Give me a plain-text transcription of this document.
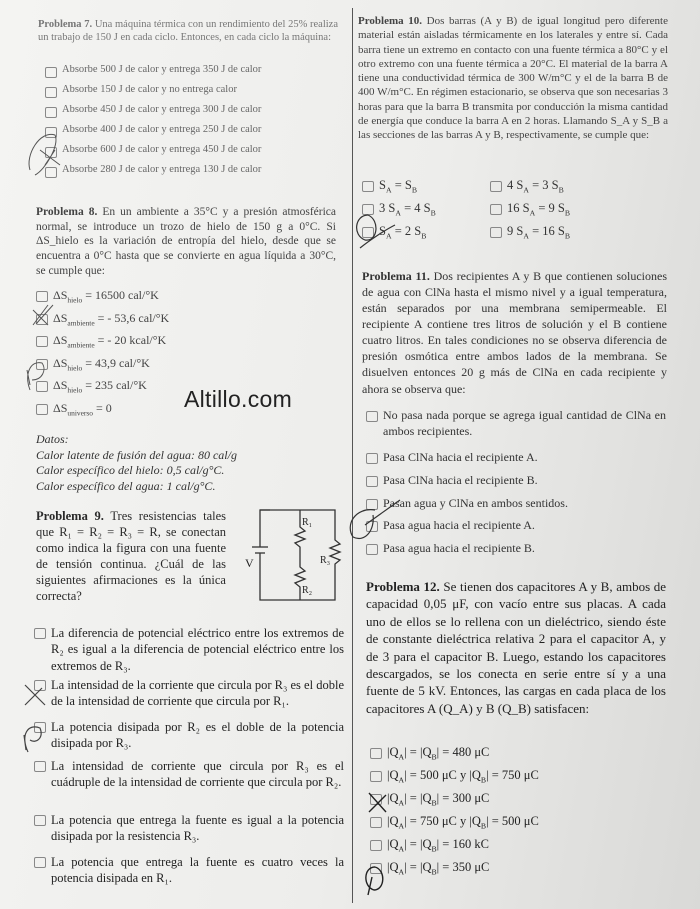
Problema 7. Una máquina térmica con un rendimiento del 25% realiza un trabajo de 150 J en cada ciclo. Entonces, en cada ciclo la máquina:
Absorbe 500 J de calor y entrega 350 J de calor
Absorbe 150 J de calor y no entrega calor
Absorbe 450 J de calor y entrega 300 J de calor
Absorbe 400 J de calor y entrega 250 J de calor
Absorbe 600 J de calor y entrega 450 J de calor
Absorbe 280 J de calor y entrega 130 J de calor
Problema 8. En un ambiente a 35°C y a presión atmosférica normal, se introduce un trozo de hielo de 150 g a 0°C. Si ΔS_hielo es la variación de entropía del hielo, desde que se encuentra a 0°C hasta que se convierte en agua líquida a 30°C, se cumple que:
$\Delta S_{hielo} = 16500$ cal/°K
$\Delta S_{ambiente}$ = - 53,6 cal/°K
$\Delta S_{ambiente}$ = - 20 kcal/°K
$\Delta S_{hielo} = 43,9$ cal/°K
$\Delta S_{hielo} = 235$ cal/°K
$\Delta S_{universo} = 0$	Altillo.com
Datos:
Calor latente de fusión del agua: 80 cal/g
Calor específico del hielo: 0,5 cal/g°C.
Calor específico del agua: 1 cal/g°C.
Problema 9. Tres resistencias tales que R₁ = R₂ = R₃ = R, se conectan como indica la figura con una fuente de tensión continua. ¿Cuál de las siguientes afirmaciones es la única correcta?
R₁
R₃
R₂
V
La diferencia de potencial eléctrico entre los extremos de R₂ es igual a la diferencia de potencial eléctrico entre los extremos de R₃.
La intensidad de la corriente que circula por R₃ es el doble de la intensidad de corriente que circula por R₁.
La potencia disipada por R₂ es el doble de la potencia disipada por R₃.
La intensidad de corriente que circula por R₃ es el cuádruple de la intensidad de corriente que circula por R₂.
La potencia que entrega la fuente es igual a la potencia disipada por la resistencia R₃.
La potencia que entrega la fuente es cuatro veces la potencia disipada en R₁.
Problema 10. Dos barras (A y B) de igual longitud pero diferente material están aisladas térmicamente en los laterales y entre sí. Cada barra tiene un extremo en contacto con una fuente térmica a 80°C y el otro extremo con una fuente térmica a 20°C. El material de la barra A tiene una conductividad térmica de 300 W/m°C y el de la barra B de 400 W/m°C. En régimen estacionario, se observa que son necesarias 3 horas para que la barra B transmita por conducción la misma cantidad de energía que conduce la barra A en 2 horas. Llamando S_A y S_B a las secciones de las barras A y B, respectivamente, se cumple que:
$S_A = S_B$	4 $S_A = 3$ $S_B$
3 $S_A = 4$ $S_B$	16 $S_A = 9$ $S_B$
$S_A = 2$ $S_B$	9 $S_A = 16$ $S_B$
Problema 11. Dos recipientes A y B que contienen soluciones de agua con ClNa hasta el mismo nivel y a igual temperatura, están separados por una membrana semipermeable. El recipiente A contiene tres litros de solución y el B contiene cuatro litros. En tales condiciones no se observa diferencia de presión osmótica entre ambos lados de la membrana. Se disuelven entonces 20 g más de ClNa en cada recipiente y ahora se observa que:
No pasa nada porque se agrega igual cantidad de ClNa en ambos recipientes.
Pasa ClNa hacia el recipiente A.
Pasa ClNa hacia el recipiente B.
Pasan agua y ClNa en ambos sentidos.
Pasa agua hacia el recipiente A.
Pasa agua hacia el recipiente B.
Problema 12. Se tienen dos capacitores A y B, ambos de capacidad 0,05 μF, con vacío entre sus placas. A cada uno de ellos se lo rellena con un dieléctrico, siendo éste de constante dieléctrica relativa 2 para el capacitor A, y de 3 para el capacitor B. Luego, estando los capacitores descargados, se los conecta en serie entre sí y a una fuente de 5 kV. Entonces, las cargas en cada placa de los capacitores A (Q_A) y B (Q_B) satisfacen:
$|Q_A| = |Q_B| = 480$ μC
$|Q_A| = 500$ μC y $|Q_B| = 750$ μC
$|Q_A| = |Q_B| = 300$ μC
$|Q_A| = 750$ μC y $|Q_B| = 500$ μC
$|Q_A| = |Q_B| = 160$ kC
$|Q_A| = |Q_B| = 350$ μC
